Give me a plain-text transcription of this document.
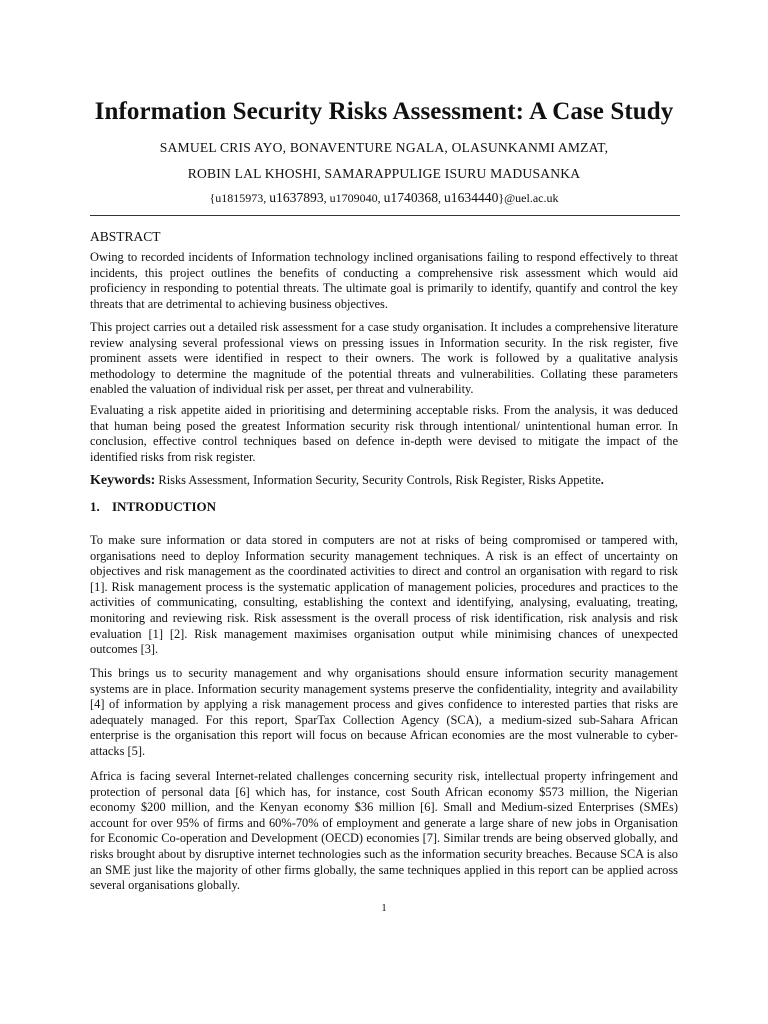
Information Security Risks Assessment: A Case Study
SAMUEL CRIS AYO, BONAVENTURE NGALA, OLASUNKANMI AMZAT,
ROBIN LAL KHOSHI, SAMARAPPULIGE ISURU MADUSANKA
{u1815973, u1637893, u1709040, u1740368, u1634440}@uel.ac.uk
ABSTRACT

Owing to recorded incidents of Information technology inclined organisations failing to respond effectively to threat incidents, this project outlines the benefits of conducting a comprehensive risk assessment which would aid proficiency in responding to potential threats. The ultimate goal is primarily to identify, quantify and control the key threats that are detrimental to achieving business objectives.

This project carries out a detailed risk assessment for a case study organisation. It includes a comprehensive literature review analysing several professional views on pressing issues in Information security. In the risk register, five prominent assets were identified in respect to their owners. The work is followed by a qualitative analysis methodology to determine the magnitude of the potential threats and vulnerabilities. Collating these parameters enabled the valuation of individual risk per asset, per threat and vulnerability.

Evaluating a risk appetite aided in prioritising and determining acceptable risks. From the analysis, it was deduced that human being posed the greatest Information security risk through intentional/ unintentional human error. In conclusion, effective control techniques based on defence in-depth were devised to mitigate the impact of the identified risks from risk register.

Keywords: Risks Assessment, Information Security, Security Controls, Risk Register, Risks Appetite.
1. INTRODUCTION

To make sure information or data stored in computers are not at risks of being compromised or tampered with, organisations need to deploy Information security management techniques. A risk is an effect of uncertainty on objectives and risk management as the coordinated activities to direct and control an organisation with regard to risk [1]. Risk management process is the systematic application of management policies, procedures and practices to the activities of communicating, consulting, establishing the context and identifying, analysing, evaluating, treating, monitoring and reviewing risk. Risk assessment is the overall process of risk identification, risk analysis and risk evaluation [1] [2]. Risk management maximises organisation output while minimising chances of unexpected outcomes [3].

This brings us to security management and why organisations should ensure information security management systems are in place. Information security management systems preserve the confidentiality, integrity and availability [4] of information by applying a risk management process and gives confidence to interested parties that risks are adequately managed. For this report, SparTax Collection Agency (SCA), a medium-sized sub-Sahara African enterprise is the organisation this report will focus on because African economies are the most vulnerable to cyber-attacks [5].

Africa is facing several Internet-related challenges concerning security risk, intellectual property infringement and protection of personal data [6] which has, for instance, cost South African economy $573 million, the Nigerian economy $200 million, and the Kenyan economy $36 million [6]. Small and Medium-sized Enterprises (SMEs) account for over 95% of firms and 60%-70% of employment and generate a large share of new jobs in Organisation for Economic Co-operation and Development (OECD) economies [7]. Similar trends are being observed globally, and risks brought about by disruptive internet technologies such as the information security breaches. Because SCA is also an SME just like the majority of other firms globally, the same techniques applied in this report can be applied across several organisations globally.

1
